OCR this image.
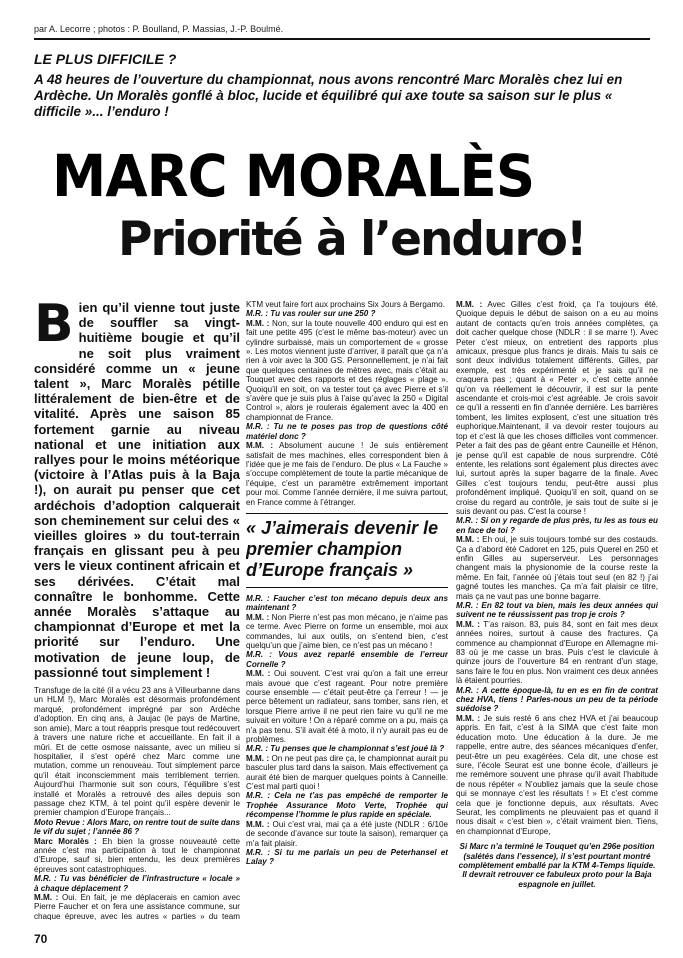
par A. Lecorre ; photos : P. Boulland, P. Massias, J.-P. Boulmé.
LE PLUS DIFFICILE ?
A 48 heures de l’ouverture du championnat, nous avons rencontré Marc Moralès chez lui en Ardèche. Un Moralès gonflé à bloc, lucide et équilibré qui axe toute sa saison sur le plus « difficile »... l’enduro !
MARC MORALÈS
Priorité à l’enduro!
Bien qu’il vienne tout juste de souffler sa vingt-huitième bougie et qu’il ne soit plus vraiment considéré comme un « jeune talent », Marc Moralès pétille littéralement de bien-être et de vitalité. Après une saison 85 fortement garnie au niveau national et une initiation aux rallyes pour le moins météorique (victoire à l’Atlas puis à la Baja !), on aurait pu penser que cet ardéchois d’adoption calquerait son cheminement sur celui des « vieilles gloires » du tout-terrain français en glissant peu à peu vers le vieux continent africain et ses dérivées. C’était mal connaître le bonhomme. Cette année Moralès s’attaque au championnat d’Europe et met la priorité sur l’enduro. Une motivation de jeune loup, de passionné tout simplement !

Transfuge de la cité (il a vécu 23 ans à Villeurbanne dans un HLM !), Marc Moralès est désormais profondément marqué, profondément imprégné par son Ardèche d’adoption. En cinq ans, à Jaujac (le pays de Martine, son amie), Marc a tout réappris presque tout redécouvert à travers une nature riche et accueillante. En fait il a mûri. Et de cette osmose naissante, avec un milieu si hospitalier, il s’est opéré chez Marc comme une mutation, comme un renouveau. Tout simplement parce qu’il était inconsciemment mais terriblement terrien. Aujourd’hui l’harmonie suit son cours, l’équilibre s’est installé et Moralès a retrouvé des ailes depuis son passage chez KTM, à tel point qu’il espère devenir le premier champion d’Europe français...

Moto Revue : Alors Marc, on rentre tout de suite dans le vif du sujet ; l’année 86 ?

Marc Moralès : Eh bien la grosse nouveauté cette année c’est ma participation à tout le championnat d’Europe, sauf si, bien entendu, les deux premières épreuves sont catastrophiques.

M.R. : Tu vas bénéficier de l’infrastructure « locale » à chaque déplacement ?

M.M. : Oui. En fait, je me déplacerais en camion avec Pierre Faucher et on fera une assistance commune, sur chaque épreuve, avec les autres « parties » du team

KTM veut faire fort aux prochains Six Jours à Bergamo.

M.R. : Tu vas rouler sur une 250 ?

M.M. : Non, sur la toute nouvelle 400 enduro qui est en fait une petite 495 (c’est le même bas-moteur) avec un cylindre surbaissé, mais un comportement de « grosse ». Les motos viennent juste d’arriver, il paraît que ça n’a rien à voir avec la 300 GS. Personnellement, je n’ai fait que quelques centaines de mètres avec, mais c’était au Touquet avec des rapports et des réglages « plage ». Quoiqu’il en soit, on va tester tout ça avec Pierre et s’il s’avère que je suis plus à l’aise qu’avec la 250 « Digital Control », alors je roulerais également avec la 400 en championnat de France.

M.R. : Tu ne te poses pas trop de questions côté matériel donc ?

M.M. : Absolument aucune ! Je suis entièrement satisfait de mes machines, elles correspondent bien à l’idée que je me fais de l’enduro. De plus « La Fauche » s’occupe complètement de toute la partie mécanique de l’équipe, c’est un paramètre extrêmement important pour moi. Comme l’année dernière, il me suivra partout, en France comme à l’étranger.

« J’aimerais devenir le premier champion d’Europe français »

M.R. : Faucher c’est ton mécano depuis deux ans maintenant ?

M.M. : Non Pierre n’est pas mon mécano, je n’aime pas ce terme. Avec Pierre on forme un ensemble, moi aux commandes, lui aux outils, on s’entend bien, c’est quelqu’un que j’aime bien, ce n’est pas un mécano !

M.R. : Vous avez reparlé ensemble de l’erreur Cornelle ?

M.M. : Oui souvent. C’est vrai qu’on a fait une erreur mais avoue que c’est rageant. Pour notre première course ensemble — c’était peut-être ça l’erreur ! — je perce bêtement un radiateur, sans tomber, sans rien, et lorsque Pierre arrive il ne peut rien faire vu qu’il ne me suivait en voiture ! On a réparé comme on a pu, mais ça n’a pas tenu. S’il avait été à moto, il n’y aurait pas eu de problèmes.

M.R. : Tu penses que le championnat s’est joué là ?

M.M. : On ne peut pas dire ça, le championnat aurait pu basculer plus tard dans la saison. Mais effectivement ça aurait été bien de marquer quelques points à Canneille. C’est mal parti quoi !

M.R. : Cela ne t’as pas empêché de remporter le Trophée Assurance Moto Verte, Trophée qui récompense l’homme le plus rapide en spéciale.

M.M. : Oui c’est vrai, mai ça a été juste (NDLR : 6/10e de seconde d’avance sur toute la saison), remarquer ça m’a fait plaisir.

M.R. : Si tu me parlais un peu de Peterhansel et Lalay ?

M.M. : Avec Gilles c’est froid, ça l’a toujours été. Quoique depuis le début de saison on a eu au moins autant de contacts qu’en trois années complètes, ça doit cacher quelque chose (NDLR : il se marre !). Avec Peter c’est mieux, on entretient des rapports plus amicaux, presque plus francs je dirais. Mais tu sais ce sont deux individus totalement différents. Gilles, par exemple, est très expérimenté et je sais qu’il ne craquera pas ; quant à « Peter », c’est cette année qu’on va réellement le découvrir, il est sur la pente ascendante et crois-moi c’est agréable. Je crois savoir ce qu’il a ressenti en fin d’année dernière. Les barrières tombent, les limites explosent, c’est une situation très euphorique.Maintenant, il va devoir rester toujours au top et c’est là que les choses difficiles vont commencer. Peter a fait des pas de géant entre Cauneille et Hénon, je pense qu’il est capable de nous surprendre. Côté entente, les relations sont également plus directes avec lui, surtout après la super bagarre de la finale. Avec Gilles c’est toujours tendu, peut-être aussi plus profondément impliqué. Quoiqu’il en soit, quand on se croise du regard au contrôle, je sais tout de suite si je suis devant ou pas. C’est la course !

M.R. : Si on y regarde de plus près, tu les as tous eu en face de toi ?

M.M. : Eh oui, je suis toujours tombé sur des costauds. Ça a d’abord été Cadoret en 125, puis Querel en 250 et enfin Gilles au superserveur. Les personnages changent mais la physionomie de la course reste la même. En fait, l’année où j’étais tout seul (en 82 !) j’ai gagné toutes les manches. Ça m’a fait plaisir ce titre, mais ça ne vaut pas une bonne bagarre.

M.R. : En 82 tout va bien, mais les deux années qui suivent ne te réussissent pas trop je crois ?

M.M. : T’as raison. 83, puis 84, sont en fait mes deux années noires, surtout à cause des fractures. Ça commence au championnat d’Europe en Allemagne mi-83 où je me casse un bras. Puis c’est le clavicule à quinze jours de l’ouverture 84 en rentrant d’un stage, sans faire le fou en plus. Non vraiment ces deux années là étaient pourries.

M.R. : A cette époque-là, tu en es en fin de contrat chez HVA, tiens ! Parles-nous un peu de ta période suédoise ?

M.M. : Je suis resté 6 ans chez HVA et j’ai beaucoup appris. En fait, c’est à la SIMA que c’est faite mon éducation moto. Une éducation à la dure. Je me rappelle, entre autre, des séances mécaniques d’enfer, peut-être un peu exagérées. Cela dit, une chose est sure, l’école Seurat est une bonne école, d’ailleurs je me remémore souvent une phrase qu’il avait l’habitude de nous répéter « N’oubliez jamais que la seule chose qui se monnaye c’est les résultats ! » Et c’est comme cela que je fonctionne depuis, aux résultats. Avec Seurat, les compliments ne pleuvaient pas et quand il nous disait « c’est bien », c’était vraiment bien. Tiens, en championnat d’Europe,

Si Marc n’a terminé le Touquet qu’en 296e position (salétés dans l’essence), il s’est pourtant montré complètement emballé par la KTM 4-Temps liquide. Il devrait retrouver ce fabuleux proto pour la Baja espagnole en juillet.
70
